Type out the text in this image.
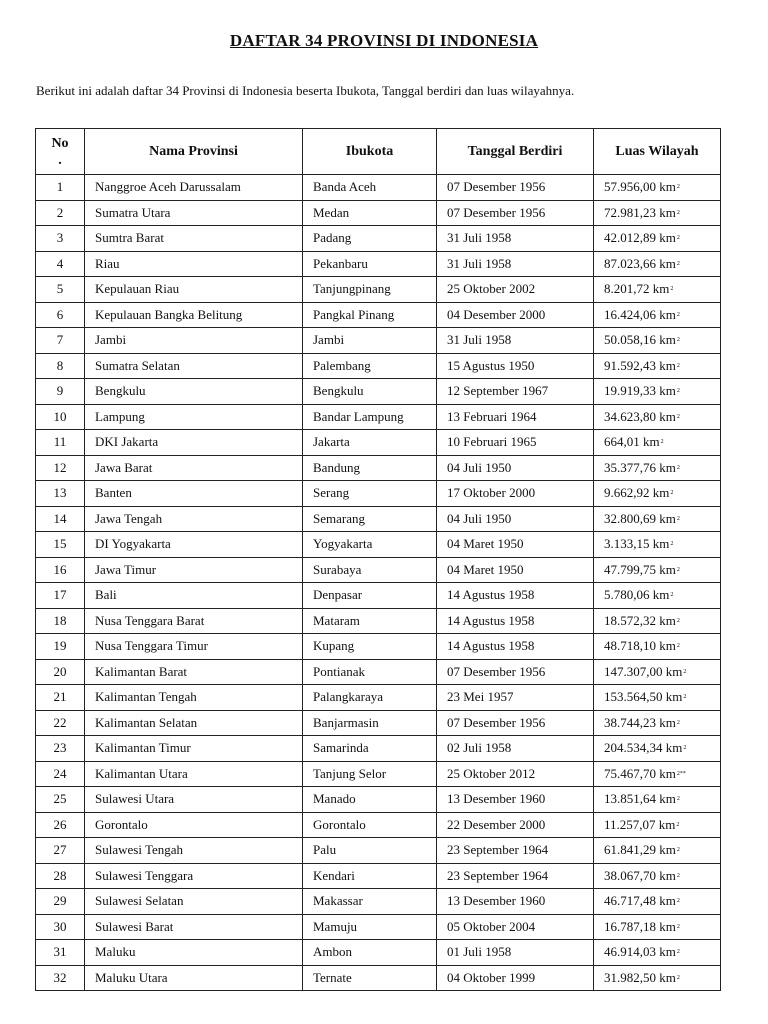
DAFTAR 34 PROVINSI DI INDONESIA
Berikut ini adalah daftar 34 Provinsi di Indonesia beserta Ibukota, Tanggal berdiri dan luas wilayahnya.
No
.	Nama Provinsi	Ibukota	Tanggal Berdiri	Luas Wilayah
1	Nanggroe Aceh Darussalam	Banda Aceh	07 Desember 1956	57.956,00 $km^2$
2	Sumatra Utara	Medan	07 Desember 1956	72.981,23 $km^2$
3	Sumtra Barat	Padang	31 Juli 1958	42.012,89 $km^2$
4	Riau	Pekanbaru	31 Juli 1958	87.023,66 $km^2$
5	Kepulauan Riau	Tanjungpinang	25 Oktober 2002	8.201,72 $km^2$
6	Kepulauan Bangka Belitung	Pangkal Pinang	04 Desember 2000	16.424,06 $km^2$
7	Jambi	Jambi	31 Juli 1958	50.058,16 $km^2$
8	Sumatra Selatan	Palembang	15 Agustus 1950	91.592,43 $km^2$
9	Bengkulu	Bengkulu	12 September 1967	19.919,33 $km^2$
10	Lampung	Bandar Lampung	13 Februari 1964	34.623,80 $km^2$
11	DKI Jakarta	Jakarta	10 Februari 1965	664,01 $km^2$
12	Jawa Barat	Bandung	04 Juli 1950	35.377,76 $km^2$
13	Banten	Serang	17 Oktober 2000	9.662,92 $km^2$
14	Jawa Tengah	Semarang	04 Juli 1950	32.800,69 $km^2$
15	DI Yogyakarta	Yogyakarta	04 Maret 1950	3.133,15 $km^2$
16	Jawa Timur	Surabaya	04 Maret 1950	47.799,75 $km^2$
17	Bali	Denpasar	14 Agustus 1958	5.780,06 $km^2$
18	Nusa Tenggara Barat	Mataram	14 Agustus 1958	18.572,32 $km^2$
19	Nusa Tenggara Timur	Kupang	14 Agustus 1958	48.718,10 $km^2$
20	Kalimantan Barat	Pontianak	07 Desember 1956	147.307,00 $km^2$
21	Kalimantan Tengah	Palangkaraya	23 Mei 1957	153.564,50 $km^2$
22	Kalimantan Selatan	Banjarmasin	07 Desember 1956	38.744,23 $km^2$
23	Kalimantan Timur	Samarinda	02 Juli 1958	204.534,34 $km^2$
24	Kalimantan Utara	Tanjung Selor	25 Oktober 2012	75.467,70 $km^{2**}$
25	Sulawesi Utara	Manado	13 Desember 1960	13.851,64 $km^2$
26	Gorontalo	Gorontalo	22 Desember 2000	11.257,07 $km^2$
27	Sulawesi Tengah	Palu	23 September 1964	61.841,29 $km^2$
28	Sulawesi Tenggara	Kendari	23 September 1964	38.067,70 $km^2$
29	Sulawesi Selatan	Makassar	13 Desember 1960	46.717,48 $km^2$
30	Sulawesi Barat	Mamuju	05 Oktober 2004	16.787,18 $km^2$
31	Maluku	Ambon	01 Juli 1958	46.914,03 $km^2$
32	Maluku Utara	Ternate	04 Oktober 1999	31.982,50 $km^2$
